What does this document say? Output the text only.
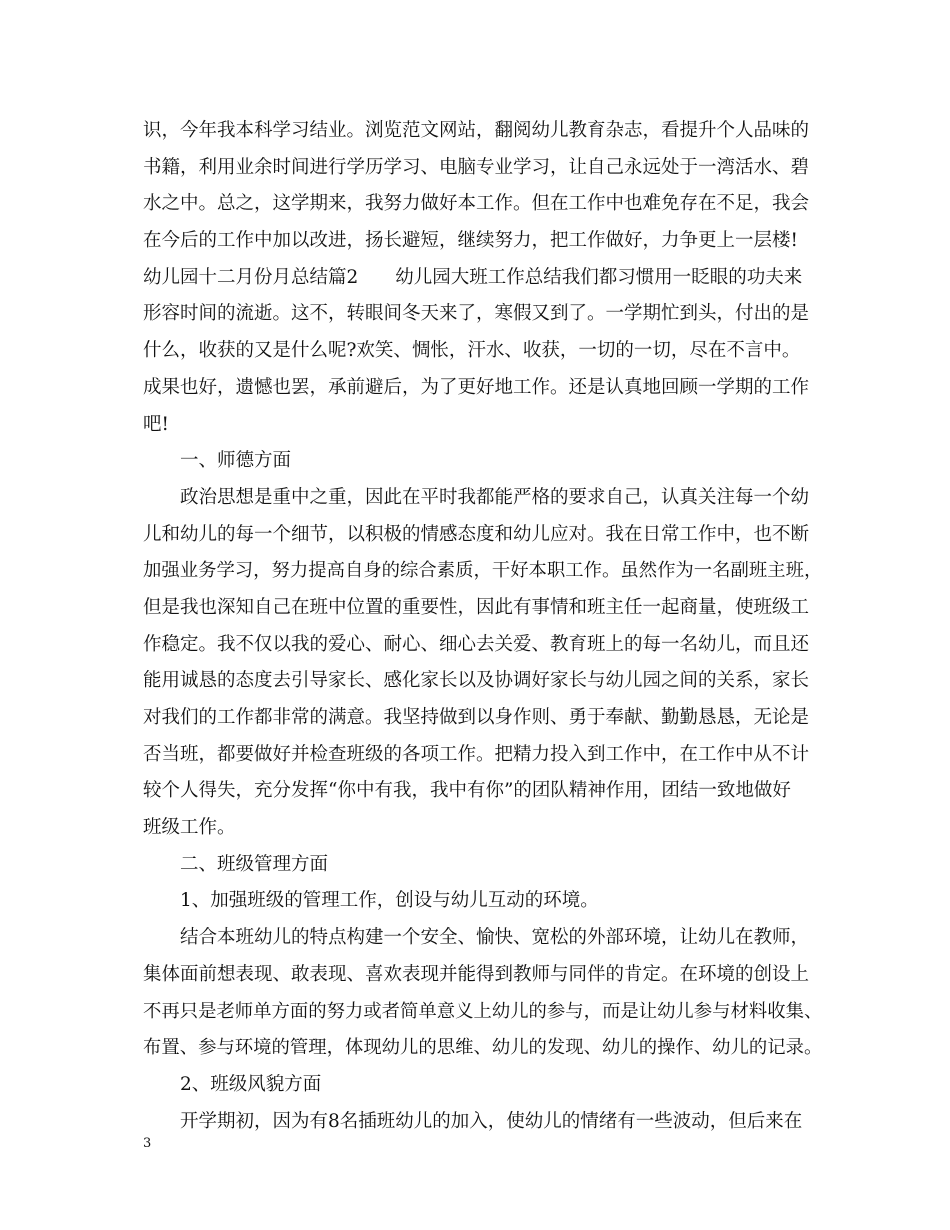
识，今年我本科学习结业。浏览范文网站，翻阅幼儿教育杂志，看提升个人品味的
书籍，利用业余时间进行学历学习、电脑专业学习，让自己永远处于一湾活水、碧
水之中。总之，这学期来，我努力做好本工作。但在工作中也难免存在不足，我会
在今后的工作中加以改进，扬长避短，继续努力，把工作做好，力争更上一层楼!
幼儿园十二月份月总结篇2　　幼儿园大班工作总结我们都习惯用一眨眼的功夫来
形容时间的流逝。这不，转眼间冬天来了，寒假又到了。一学期忙到头，付出的是
什么，收获的又是什么呢?欢笑、惆怅，汗水、收获，一切的一切，尽在不言中。
成果也好，遗憾也罢，承前避后，为了更好地工作。还是认真地回顾一学期的工作
吧!
一、师德方面
政治思想是重中之重，因此在平时我都能严格的要求自己，认真关注每一个幼
儿和幼儿的每一个细节，以积极的情感态度和幼儿应对。我在日常工作中，也不断
加强业务学习，努力提高自身的综合素质，干好本职工作。虽然作为一名副班主班，
但是我也深知自己在班中位置的重要性，因此有事情和班主任一起商量，使班级工
作稳定。我不仅以我的爱心、耐心、细心去关爱、教育班上的每一名幼儿，而且还
能用诚恳的态度去引导家长、感化家长以及协调好家长与幼儿园之间的关系，家长
对我们的工作都非常的满意。我坚持做到以身作则、勇于奉献、勤勤恳恳，无论是
否当班，都要做好并检查班级的各项工作。把精力投入到工作中，在工作中从不计
较个人得失，充分发挥“你中有我，我中有你”的团队精神作用，团结一致地做好
班级工作。
二、班级管理方面
1、加强班级的管理工作，创设与幼儿互动的环境。
结合本班幼儿的特点构建一个安全、愉快、宽松的外部环境，让幼儿在教师，
集体面前想表现、敢表现、喜欢表现并能得到教师与同伴的肯定。在环境的创设上
不再只是老师单方面的努力或者简单意义上幼儿的参与，而是让幼儿参与材料收集、
布置、参与环境的管理，体现幼儿的思维、幼儿的发现、幼儿的操作、幼儿的记录。
2、班级风貌方面
开学期初，因为有8名插班幼儿的加入，使幼儿的情绪有一些波动，但后来在
3
